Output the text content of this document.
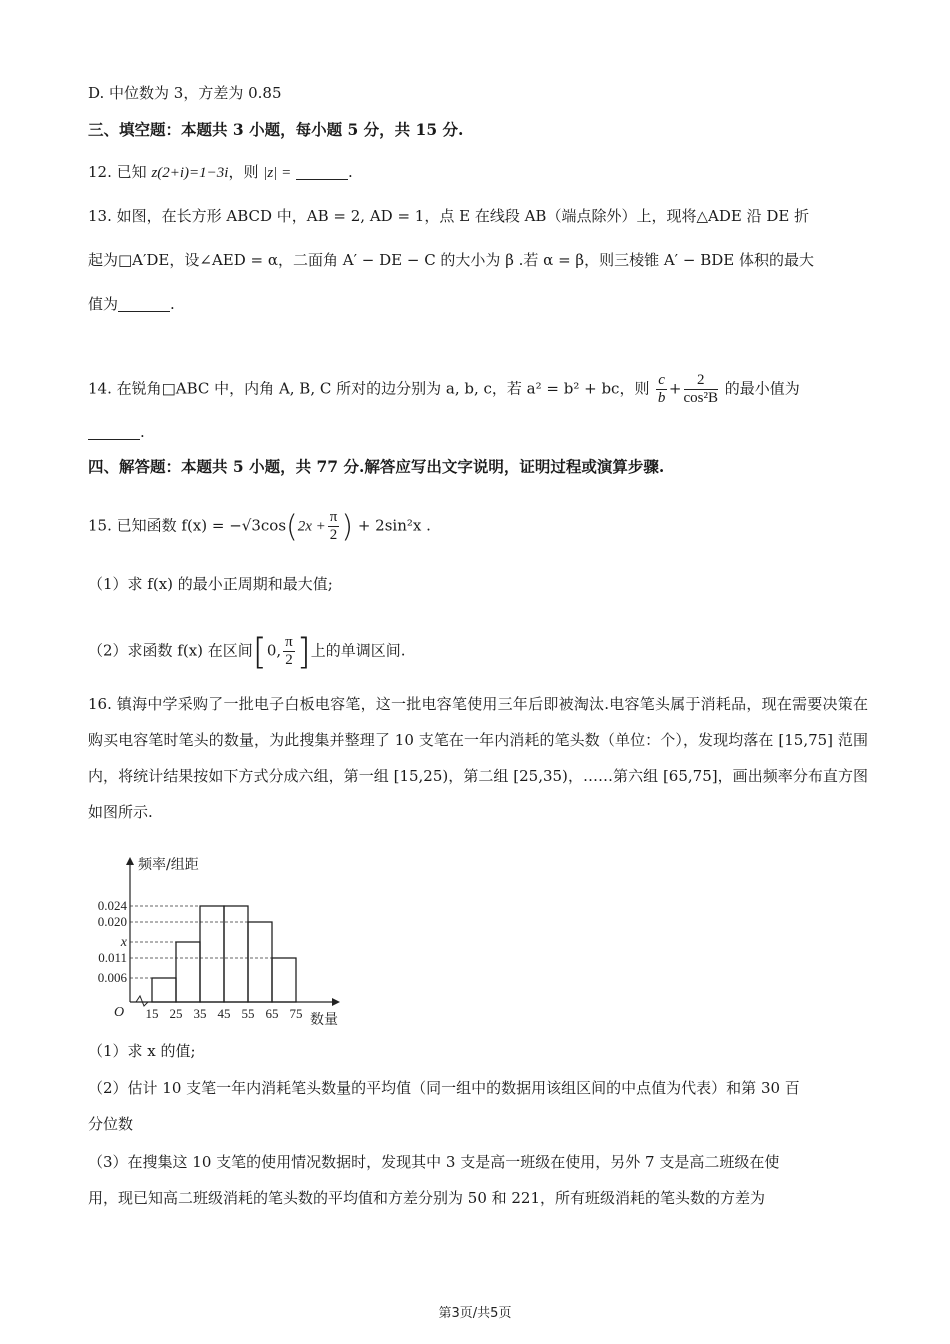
D. 中位数为 3，方差为 0.85
三、填空题：本题共 3 小题，每小题 5 分，共 15 分.
12. 已知 z(2+i)=1−3i，则 |z| =	.
13. 如图，在长方形 ABCD 中，AB = 2, AD = 1，点 E 在线段 AB（端点除外）上，现将△ADE 沿 DE 折
起为□A′DE，设∠AED = α，二面角 A′ − DE − C 的大小为 β .若 α = β，则三棱锥 A′ − BDE 体积的最大
值为	.
14. 在锐角□ABC 中，内角 A, B, C 所对的边分别为 a, b, c，若 a² = b² + bc，则 $\frac{c}{b} + \frac{2}{\text{cos²B}}$ 的最小值为
.
四、解答题：本题共 5 小题，共 77 分.解答应写出文字说明，证明过程或演算步骤.
15. 已知函数 $f(x) = -√3\cos(2x + \frac{\pi}{2}$ ) + 2sin²x .
（1）求 f(x) 的最小正周期和最大值;
（2）求函数 f(x) 在区间[0, $\frac{\pi}{2}$ ]上的单调区间.
16. 镇海中学采购了一批电子白板电容笔，这一批电容笔使用三年后即被淘汰.电容笔头属于消耗品，现在需要决策在购买电容笔时笔头的数量，为此搜集并整理了 10 支笔在一年内消耗的笔头数（单位：个），发现均落在 [15,75] 范围内，将统计结果按如下方式分成六组，第一组 [15,25)，第二组 [25,35)，……第六组 [65,75]，画出频率分布直方图如图所示.
频率/组距
数量
O
0.024
0.020
x
0.011
0.006
15 25 35 45 55 65 75
（1）求 x 的值;
（2）估计 10 支笔一年内消耗笔头数量的平均值（同一组中的数据用该组区间的中点值为代表）和第 30 百
分位数
（3）在搜集这 10 支笔的使用情况数据时，发现其中 3 支是高一班级在使用，另外 7 支是高二班级在使
用，现已知高二班级消耗的笔头数的平均值和方差分别为 50 和 221，所有班级消耗的笔头数的方差为
第3页/共5页
